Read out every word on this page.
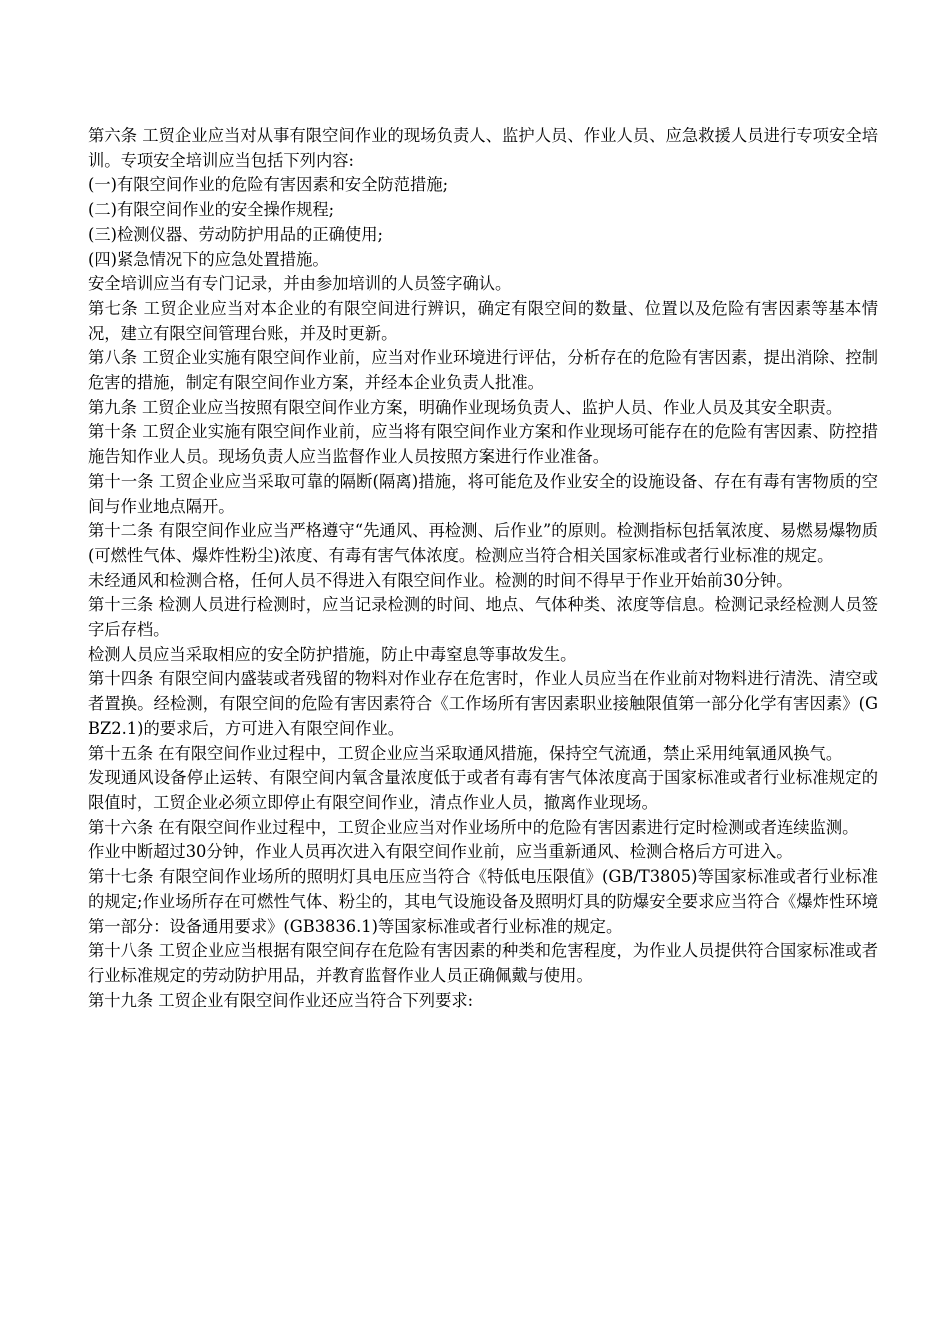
第六条 工贸企业应当对从事有限空间作业的现场负责人、监护人员、作业人员、应急救援人员进行专项安全培训。专项安全培训应当包括下列内容:

(一)有限空间作业的危险有害因素和安全防范措施;

(二)有限空间作业的安全操作规程;

(三)检测仪器、劳动防护用品的正确使用;

(四)紧急情况下的应急处置措施。

安全培训应当有专门记录，并由参加培训的人员签字确认。

第七条 工贸企业应当对本企业的有限空间进行辨识，确定有限空间的数量、位置以及危险有害因素等基本情况，建立有限空间管理台账，并及时更新。

第八条 工贸企业实施有限空间作业前，应当对作业环境进行评估，分析存在的危险有害因素，提出消除、控制危害的措施，制定有限空间作业方案，并经本企业负责人批准。

第九条 工贸企业应当按照有限空间作业方案，明确作业现场负责人、监护人员、作业人员及其安全职责。

第十条 工贸企业实施有限空间作业前，应当将有限空间作业方案和作业现场可能存在的危险有害因素、防控措施告知作业人员。现场负责人应当监督作业人员按照方案进行作业准备。

第十一条 工贸企业应当采取可靠的隔断(隔离)措施，将可能危及作业安全的设施设备、存在有毒有害物质的空间与作业地点隔开。

第十二条 有限空间作业应当严格遵守“先通风、再检测、后作业”的原则。检测指标包括氧浓度、易燃易爆物质(可燃性气体、爆炸性粉尘)浓度、有毒有害气体浓度。检测应当符合相关国家标准或者行业标准的规定。

未经通风和检测合格，任何人员不得进入有限空间作业。检测的时间不得早于作业开始前30分钟。

第十三条 检测人员进行检测时，应当记录检测的时间、地点、气体种类、浓度等信息。检测记录经检测人员签字后存档。

检测人员应当采取相应的安全防护措施，防止中毒窒息等事故发生。

第十四条 有限空间内盛装或者残留的物料对作业存在危害时，作业人员应当在作业前对物料进行清洗、清空或者置换。经检测，有限空间的危险有害因素符合《工作场所有害因素职业接触限值第一部分化学有害因素》(GBZ2.1)的要求后，方可进入有限空间作业。

第十五条 在有限空间作业过程中，工贸企业应当采取通风措施，保持空气流通，禁止采用纯氧通风换气。

发现通风设备停止运转、有限空间内氧含量浓度低于或者有毒有害气体浓度高于国家标准或者行业标准规定的限值时，工贸企业必须立即停止有限空间作业，清点作业人员，撤离作业现场。

第十六条 在有限空间作业过程中，工贸企业应当对作业场所中的危险有害因素进行定时检测或者连续监测。

作业中断超过30分钟，作业人员再次进入有限空间作业前，应当重新通风、检测合格后方可进入。

第十七条 有限空间作业场所的照明灯具电压应当符合《特低电压限值》(GB/T3805)等国家标准或者行业标准的规定;作业场所存在可燃性气体、粉尘的，其电气设施设备及照明灯具的防爆安全要求应当符合《爆炸性环境第一部分：设备通用要求》(GB3836.1)等国家标准或者行业标准的规定。

第十八条 工贸企业应当根据有限空间存在危险有害因素的种类和危害程度，为作业人员提供符合国家标准或者行业标准规定的劳动防护用品，并教育监督作业人员正确佩戴与使用。

第十九条 工贸企业有限空间作业还应当符合下列要求:
